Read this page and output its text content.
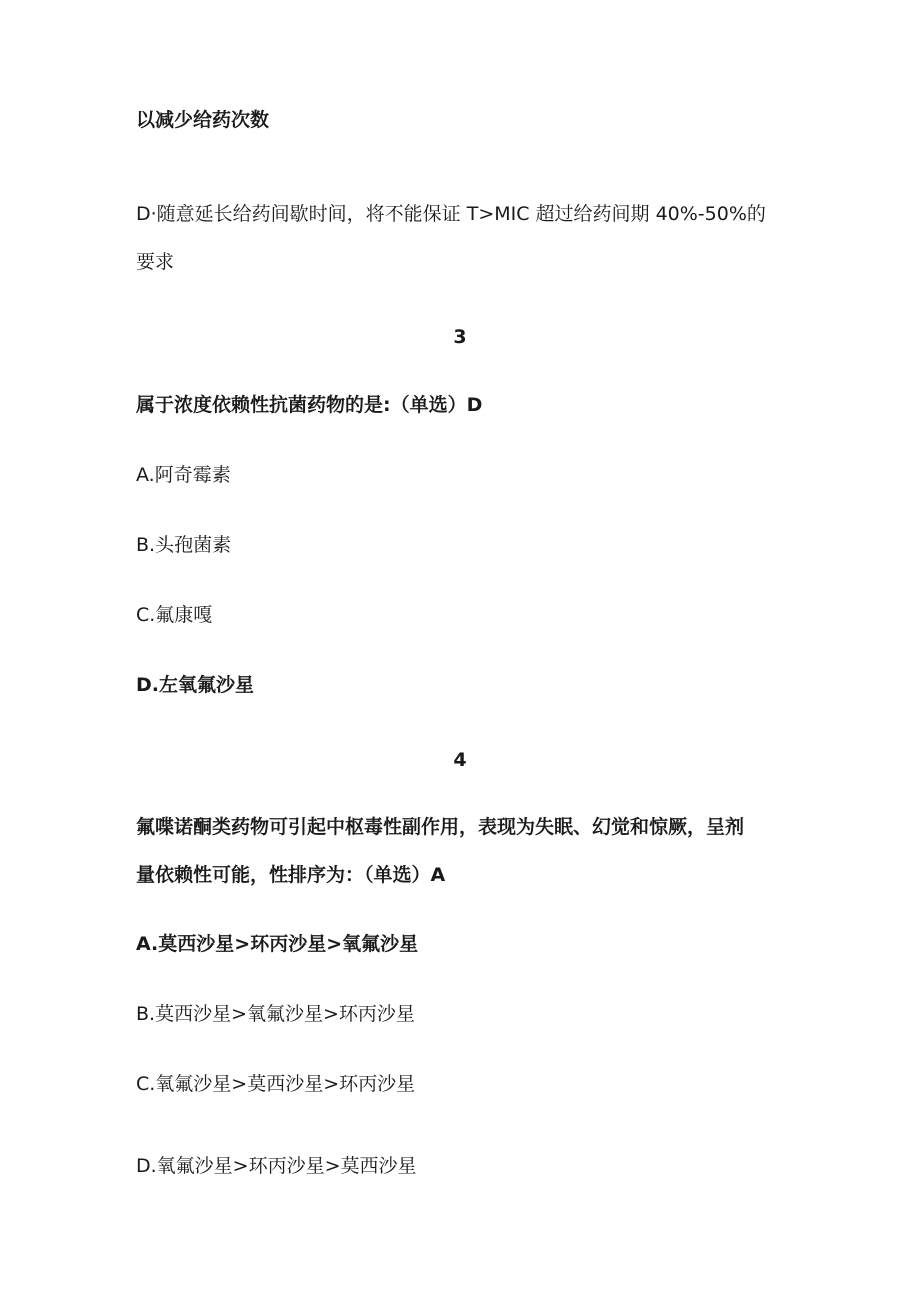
以减少给药次数
D·随意延长给药间歇时间，将不能保证 T>MIC 超过给药间期 40%-50%的
要求
3
属于浓度依赖性抗菌药物的是:（单选）D
A.阿奇霉素
B.头孢菌素
C.氟康嘎
D.左氧氟沙星
4
氟喋诺酮类药物可引起中枢毒性副作用，表现为失眠、幻觉和惊厥，呈剂
量依赖性可能，性排序为：（单选）A
A.莫西沙星>环丙沙星>氧氟沙星
B.莫西沙星>氧氟沙星>环丙沙星
C.氧氟沙星>莫西沙星>环丙沙星
D.氧氟沙星>环丙沙星>莫西沙星
